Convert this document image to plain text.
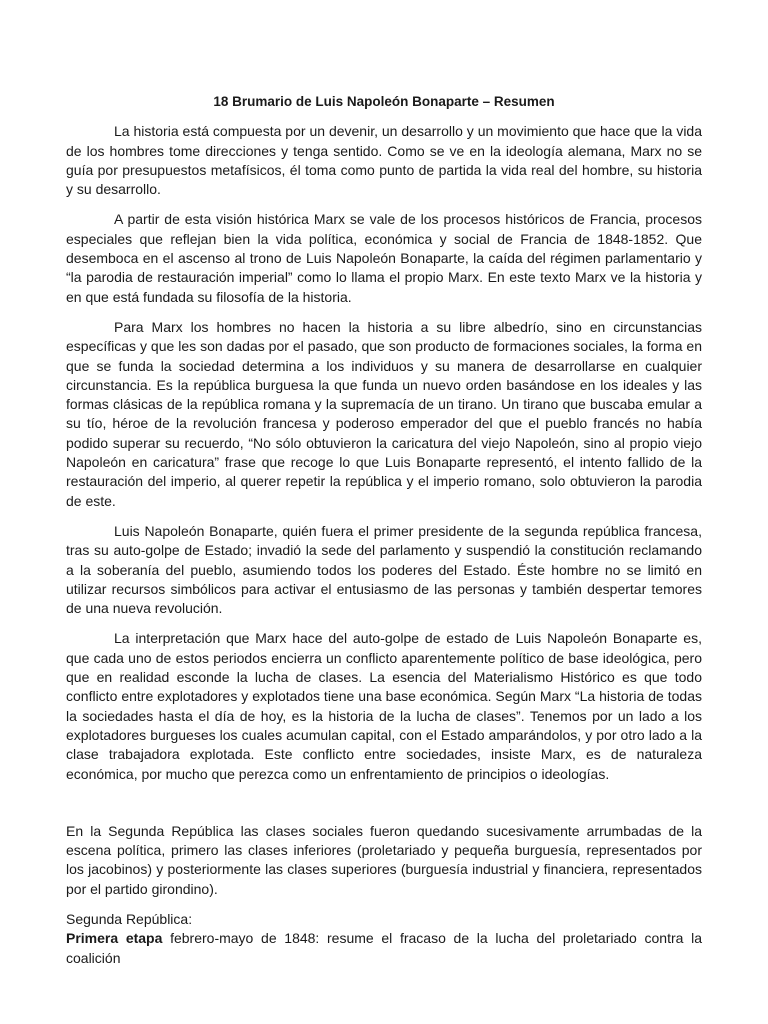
18 Brumario de Luis Napoleón Bonaparte – Resumen

La historia está compuesta por un devenir, un desarrollo y un movimiento que hace que la vida de los hombres tome direcciones y tenga sentido. Como se ve en la ideología alemana, Marx no se guía por presupuestos metafísicos, él toma como punto de partida la vida real del hombre, su historia y su desarrollo.

A partir de esta visión histórica Marx se vale de los procesos históricos de Francia, procesos especiales que reflejan bien la vida política, económica y social de Francia de 1848-1852. Que desemboca en el ascenso al trono de Luis Napoleón Bonaparte, la caída del régimen parlamentario y “la parodia de restauración imperial” como lo llama el propio Marx. En este texto Marx ve la historia y en que está fundada su filosofía de la historia.

Para Marx los hombres no hacen la historia a su libre albedrío, sino en circunstancias específicas y que les son dadas por el pasado, que son producto de formaciones sociales, la forma en que se funda la sociedad determina a los individuos y su manera de desarrollarse en cualquier circunstancia. Es la república burguesa la que funda un nuevo orden basándose en los ideales y las formas clásicas de la república romana y la supremacía de un tirano. Un tirano que buscaba emular a su tío, héroe de la revolución francesa y poderoso emperador del que el pueblo francés no había podido superar su recuerdo, “No sólo obtuvieron la caricatura del viejo Napoleón, sino al propio viejo Napoleón en caricatura” frase que recoge lo que Luis Bonaparte representó, el intento fallido de la restauración del imperio, al querer repetir la república y el imperio romano, solo obtuvieron la parodia de este.

Luis Napoleón Bonaparte, quién fuera el primer presidente de la segunda república francesa, tras su auto-golpe de Estado; invadió la sede del parlamento y suspendió la constitución reclamando a la soberanía del pueblo, asumiendo todos los poderes del Estado. Éste hombre no se limitó en utilizar recursos simbólicos para activar el entusiasmo de las personas y también despertar temores de una nueva revolución.

La interpretación que Marx hace del auto-golpe de estado de Luis Napoleón Bonaparte es, que cada uno de estos periodos encierra un conflicto aparentemente político de base ideológica, pero que en realidad esconde la lucha de clases. La esencia del Materialismo Histórico es que todo conflicto entre explotadores y explotados tiene una base económica. Según Marx “La historia de todas la sociedades hasta el día de hoy, es la historia de la lucha de clases”. Tenemos por un lado a los explotadores burgueses los cuales acumulan capital, con el Estado amparándolos, y por otro lado a la clase trabajadora explotada. Este conflicto entre sociedades, insiste Marx, es de naturaleza económica, por mucho que perezca como un enfrentamiento de principios o ideologías.

En la Segunda República las clases sociales fueron quedando sucesivamente arrumbadas de la escena política, primero las clases inferiores (proletariado y pequeña burguesía, representados por los jacobinos) y posteriormente las clases superiores (burguesía industrial y financiera, representados por el partido girondino).

Segunda República:

Primera etapa febrero-mayo de 1848: resume el fracaso de la lucha del proletariado contra la coalición
